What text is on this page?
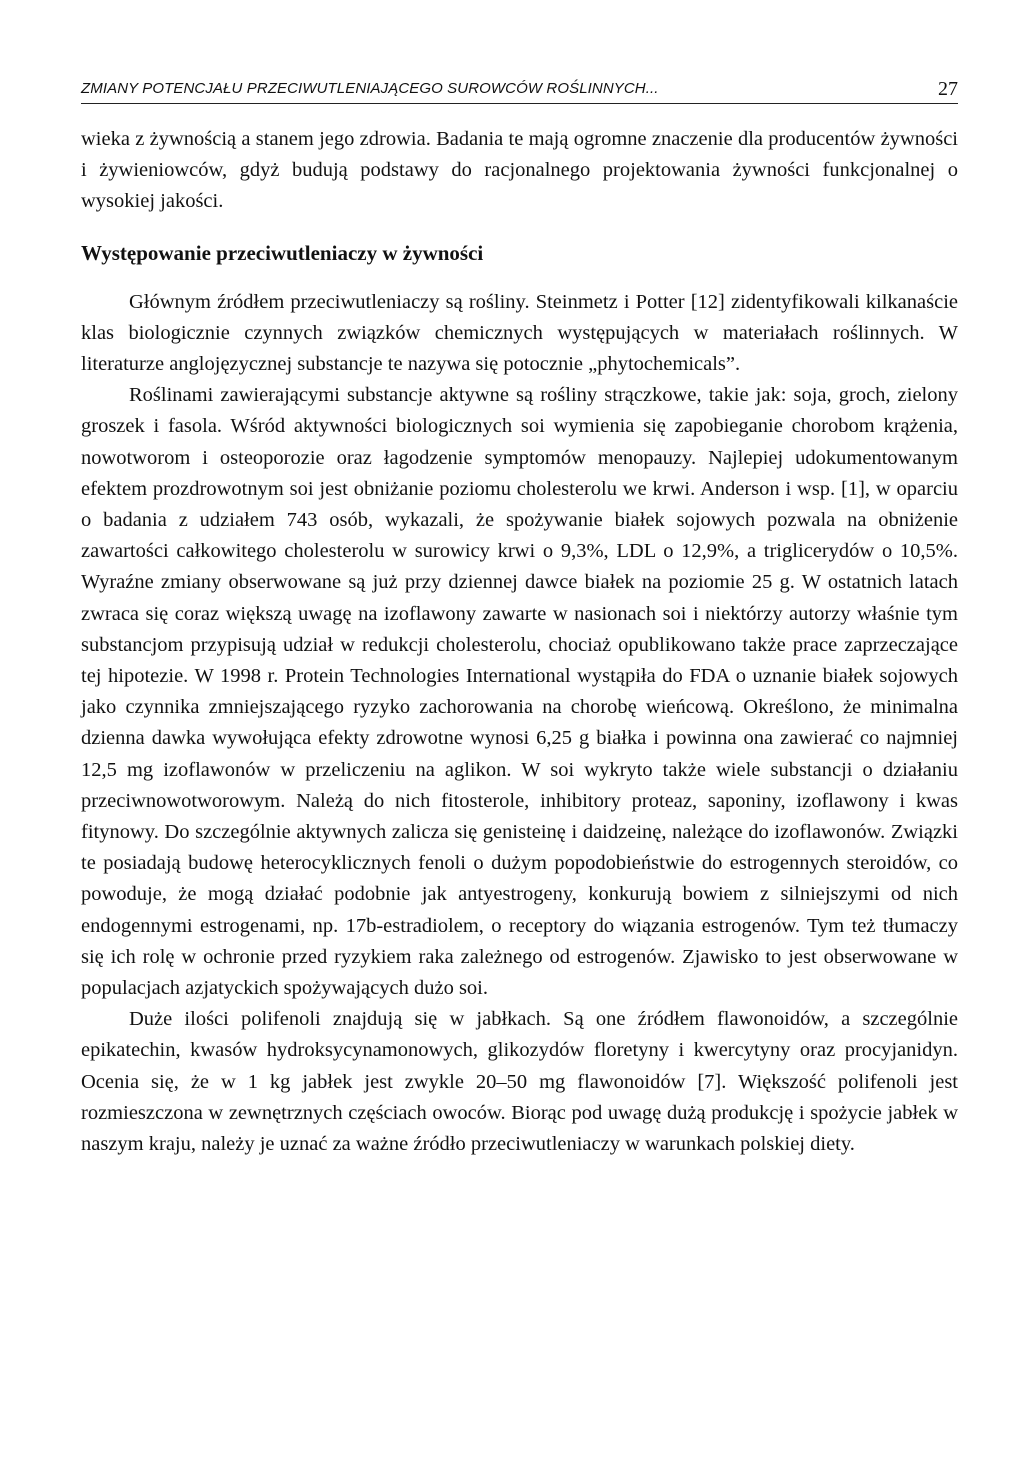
ZMIANY POTENCJAŁU PRZECIWUTLENIAJĄCEGO SUROWCÓW ROŚLINNYCH...	27

wieka z żywnością a stanem jego zdrowia. Badania te mają ogromne znaczenie dla producentów żywności i żywieniowców, gdyż budują podstawy do racjonalnego projektowania żywności funkcjonalnej o wysokiej jakości.

Występowanie przeciwutleniaczy w żywności

Głównym źródłem przeciwutleniaczy są rośliny. Steinmetz i Potter [12] zidentyfikowali kilkanaście klas biologicznie czynnych związków chemicznych występujących w materiałach roślinnych. W literaturze anglojęzycznej substancje te nazywa się potocznie „phytochemicals”.

Roślinami zawierającymi substancje aktywne są rośliny strączkowe, takie jak: soja, groch, zielony groszek i fasola. Wśród aktywności biologicznych soi wymienia się zapobieganie chorobom krążenia, nowotworom i osteoporozie oraz łagodzenie symptomów menopauzy. Najlepiej udokumentowanym efektem prozdrowotnym soi jest obniżanie poziomu cholesterolu we krwi. Anderson i wsp. [1], w oparciu o badania z udziałem 743 osób, wykazali, że spożywanie białek sojowych pozwala na obniżenie zawartości całkowitego cholesterolu w surowicy krwi o 9,3%, LDL o 12,9%, a triglicerydów o 10,5%. Wyraźne zmiany obserwowane są już przy dziennej dawce białek na poziomie 25 g. W ostatnich latach zwraca się coraz większą uwagę na izoflawony zawarte w nasionach soi i niektórzy autorzy właśnie tym substancjom przypisują udział w redukcji cholesterolu, chociaż opublikowano także prace zaprzeczające tej hipotezie. W 1998 r. Protein Technologies International wystąpiła do FDA o uznanie białek sojowych jako czynnika zmniejszającego ryzyko zachorowania na chorobę wieńcową. Określono, że minimalna dzienna dawka wywołująca efekty zdrowotne wynosi 6,25 g białka i powinna ona zawierać co najmniej 12,5 mg izoflawonów w przeliczeniu na aglikon. W soi wykryto także wiele substancji o działaniu przeciwnowotworowym. Należą do nich fitosterole, inhibitory proteaz, saponiny, izoflawony i kwas fitynowy. Do szczególnie aktywnych zalicza się genisteinę i daidzeinę, należące do izoflawonów. Związki te posiadają budowę heterocyklicznych fenoli o dużym popodobieństwie do estrogennych steroidów, co powoduje, że mogą działać podobnie jak antyestrogeny, konkurują bowiem z silniejszymi od nich endogennymi estrogenami, np. 17b-estradiolem, o receptory do wiązania estrogenów. Tym też tłumaczy się ich rolę w ochronie przed ryzykiem raka zależnego od estrogenów. Zjawisko to jest obserwowane w populacjach azjatyckich spożywających dużo soi.

Duże ilości polifenoli znajdują się w jabłkach. Są one źródłem flawonoidów, a szczególnie epikatechin, kwasów hydroksycynamonowych, glikozydów floretyny i kwercytyny oraz procyjanidyn. Ocenia się, że w 1 kg jabłek jest zwykle 20–50 mg flawonoidów [7]. Większość polifenoli jest rozmieszczona w zewnętrznych częściach owoców. Biorąc pod uwagę dużą produkcję i spożycie jabłek w naszym kraju, należy je uznać za ważne źródło przeciwutleniaczy w warunkach polskiej diety.
